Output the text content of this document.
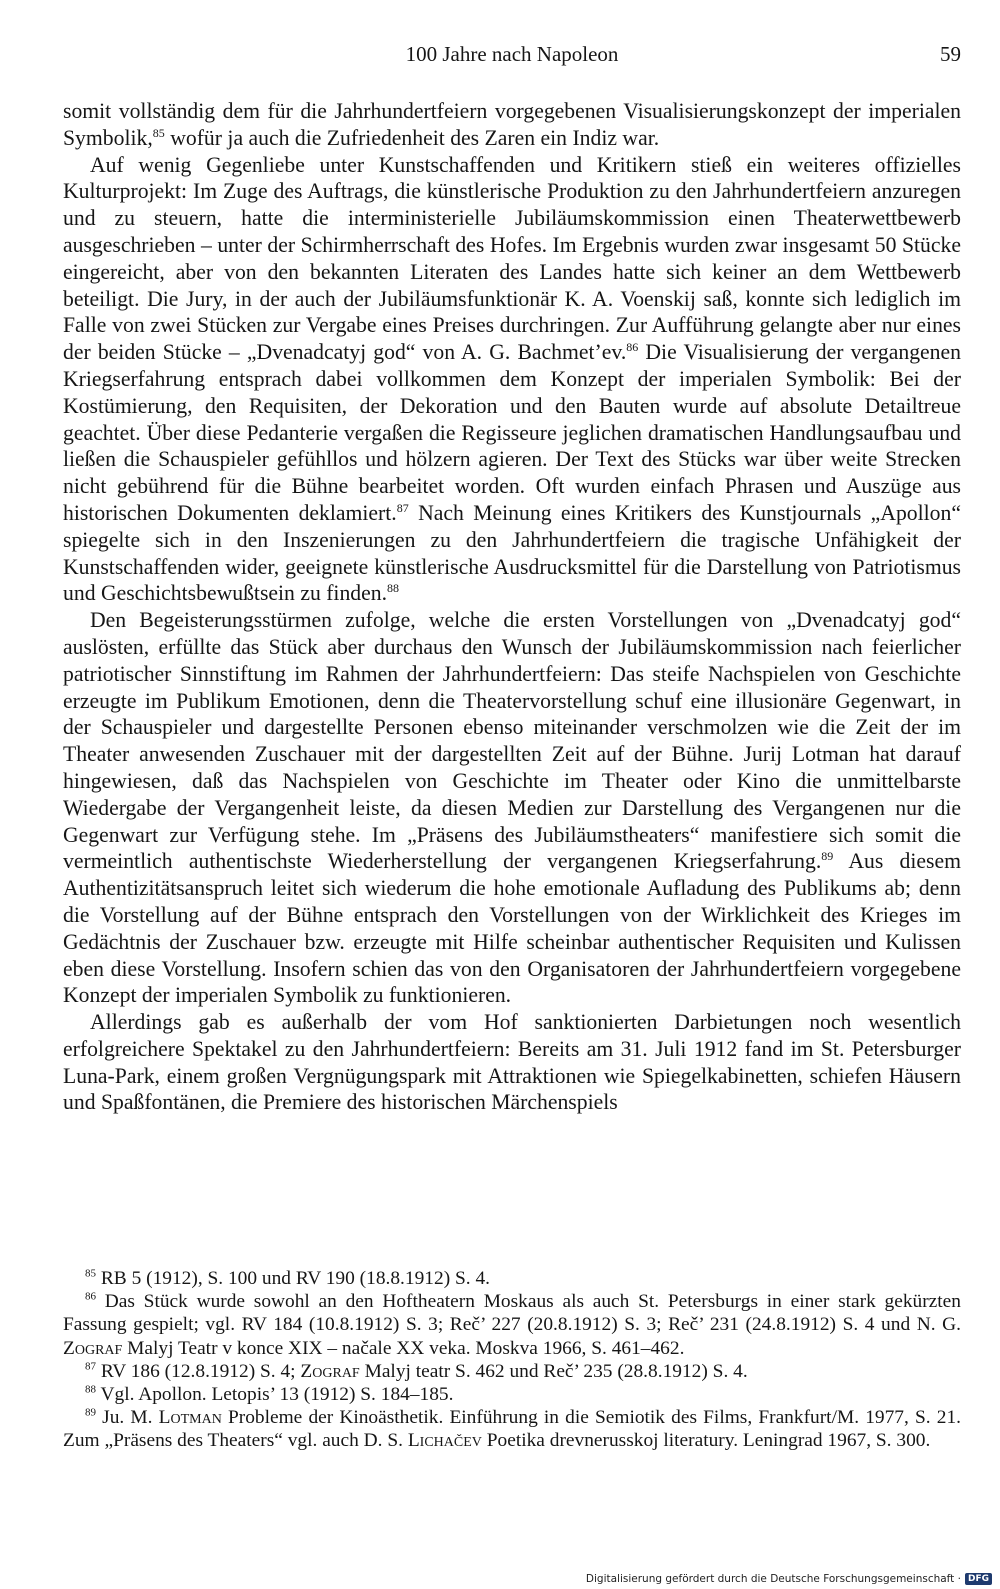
100 Jahre nach Napoleon	59

somit vollständig dem für die Jahrhundertfeiern vorgegebenen Visualisierungskonzept der imperialen Symbolik,$^{85}$ wofür ja auch die Zufriedenheit des Zaren ein Indiz war.

Auf wenig Gegenliebe unter Kunstschaffenden und Kritikern stieß ein weiteres offizielles Kulturprojekt: Im Zuge des Auftrags, die künstlerische Produktion zu den Jahrhundertfeiern anzuregen und zu steuern, hatte die interministerielle Jubiläumskommission einen Theaterwettbewerb ausgeschrieben – unter der Schirmherrschaft des Hofes. Im Ergebnis wurden zwar insgesamt 50 Stücke eingereicht, aber von den bekannten Literaten des Landes hatte sich keiner an dem Wettbewerb beteiligt. Die Jury, in der auch der Jubiläumsfunktionär K. A. Voenskij saß, konnte sich lediglich im Falle von zwei Stücken zur Vergabe eines Preises durchringen. Zur Aufführung gelangte aber nur eines der beiden Stücke – „Dvenadcatyj god“ von A. G. Bachmet’ev.$^{86}$ Die Visualisierung der vergangenen Kriegserfahrung entsprach dabei vollkommen dem Konzept der imperialen Symbolik: Bei der Kostümierung, den Requisiten, der Dekoration und den Bauten wurde auf absolute Detailtreue geachtet. Über diese Pedanterie vergaßen die Regisseure jeglichen dramatischen Handlungsaufbau und ließen die Schauspieler gefühllos und hölzern agieren. Der Text des Stücks war über weite Strecken nicht gebührend für die Bühne bearbeitet worden. Oft wurden einfach Phrasen und Auszüge aus historischen Dokumenten deklamiert.$^{87}$ Nach Meinung eines Kritikers des Kunstjournals „Apollon“ spiegelte sich in den Inszenierungen zu den Jahrhundertfeiern die tragische Unfähigkeit der Kunstschaffenden wider, geeignete künstlerische Ausdrucksmittel für die Darstellung von Patriotismus und Geschichtsbewußtsein zu finden.$^{88}$

Den Begeisterungsstürmen zufolge, welche die ersten Vorstellungen von „Dvenadcatyj god“ auslösten, erfüllte das Stück aber durchaus den Wunsch der Jubiläumskommission nach feierlicher patriotischer Sinnstiftung im Rahmen der Jahrhundertfeiern: Das steife Nachspielen von Geschichte erzeugte im Publikum Emotionen, denn die Theatervorstellung schuf eine illusionäre Gegenwart, in der Schauspieler und dargestellte Personen ebenso miteinander verschmolzen wie die Zeit der im Theater anwesenden Zuschauer mit der dargestellten Zeit auf der Bühne. Jurij Lotman hat darauf hingewiesen, daß das Nachspielen von Geschichte im Theater oder Kino die unmittelbarste Wiedergabe der Vergangenheit leiste, da diesen Medien zur Darstellung des Vergangenen nur die Gegenwart zur Verfügung stehe. Im „Präsens des Jubiläumstheaters“ manifestiere sich somit die vermeintlich authentischste Wiederherstellung der vergangenen Kriegserfahrung.$^{89}$ Aus diesem Authentizitätsanspruch leitet sich wiederum die hohe emotionale Aufladung des Publikums ab; denn die Vorstellung auf der Bühne entsprach den Vorstellungen von der Wirklichkeit des Krieges im Gedächtnis der Zuschauer bzw. erzeugte mit Hilfe scheinbar authentischer Requisiten und Kulissen eben diese Vorstellung. Insofern schien das von den Organisatoren der Jahrhundertfeiern vorgegebene Konzept der imperialen Symbolik zu funktionieren.

Allerdings gab es außerhalb der vom Hof sanktionierten Darbietungen noch wesentlich erfolgreichere Spektakel zu den Jahrhundertfeiern: Bereits am 31. Juli 1912 fand im St. Petersburger Luna-Park, einem großen Vergnügungspark mit Attraktionen wie Spiegelkabinetten, schiefen Häusern und Spaßfontänen, die Premiere des historischen Märchenspiels

$^{85}$ RB 5 (1912), S. 100 und RV 190 (18.8.1912) S. 4.

$^{86}$ Das Stück wurde sowohl an den Hoftheatern Moskaus als auch St. Petersburgs in einer stark gekürzten Fassung gespielt; vgl. RV 184 (10.8.1912) S. 3; Reč’ 227 (20.8.1912) S. 3; Reč’ 231 (24.8.1912) S. 4 und N. G. Zograf Malyj Teatr v konce XIX – načale XX veka. Moskva 1966, S. 461–462.

$^{87}$ RV 186 (12.8.1912) S. 4; Zograf Malyj teatr S. 462 und Reč’ 235 (28.8.1912) S. 4.

$^{88}$ Vgl. Apollon. Letopis’ 13 (1912) S. 184–185.

$^{89}$ Ju. M. Lotman Probleme der Kinoästhetik. Einführung in die Semiotik des Films, Frankfurt/M. 1977, S. 21. Zum „Präsens des Theaters“ vgl. auch D. S. Lichačev Poetika drevnerusskoj literatury. Leningrad 1967, S. 300.

Digitalisierung gefördert durch die Deutsche Forschungsgemeinschaft · DFG
